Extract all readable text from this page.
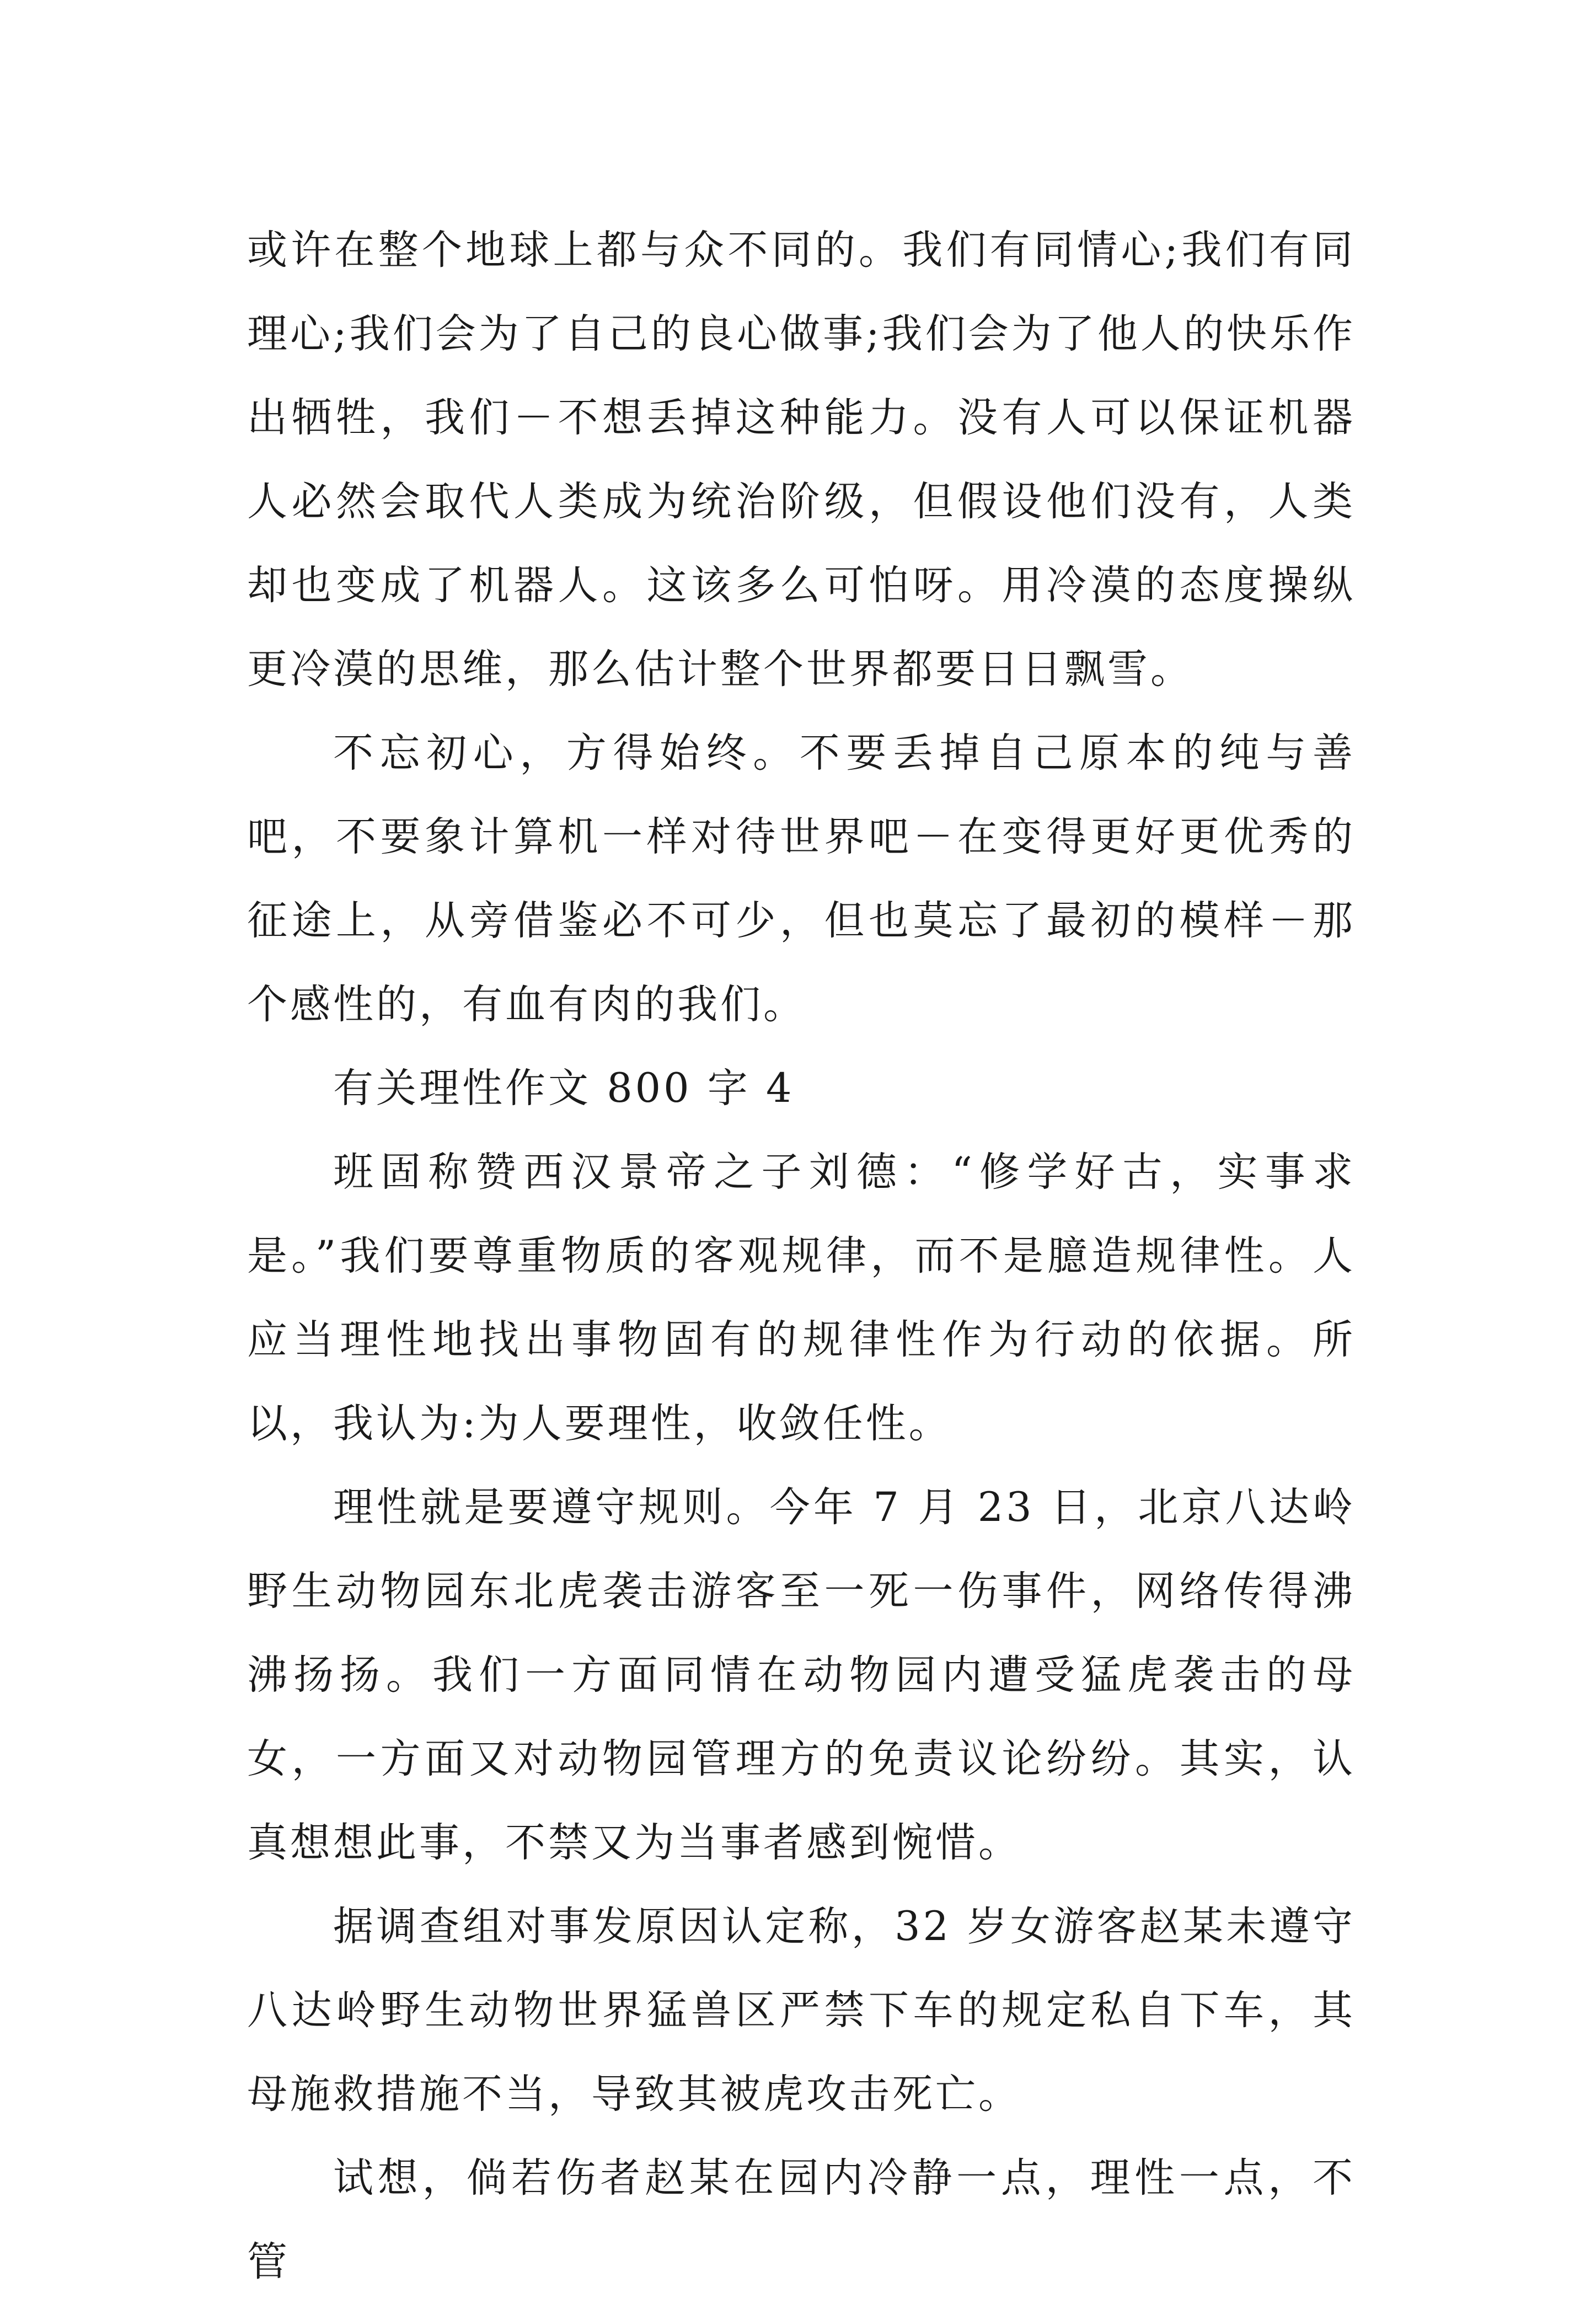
或许在整个地球上都与众不同的。我们有同情心;我们有同理心;我们会为了自己的良心做事;我们会为了他人的快乐作出牺牲，我们－不想丢掉这种能力。没有人可以保证机器人必然会取代人类成为统治阶级，但假设他们没有，人类却也变成了机器人。这该多么可怕呀。用冷漠的态度操纵更冷漠的思维，那么估计整个世界都要日日飘雪。

不忘初心，方得始终。不要丢掉自己原本的纯与善吧，不要象计算机一样对待世界吧－在变得更好更优秀的征途上，从旁借鉴必不可少，但也莫忘了最初的模样－那个感性的，有血有肉的我们。

有关理性作文 800 字 4

班固称赞西汉景帝之子刘德：“修学好古，实事求是。”我们要尊重物质的客观规律，而不是臆造规律性。人应当理性地找出事物固有的规律性作为行动的依据。所以，我认为:为人要理性，收敛任性。

理性就是要遵守规则。今年 7 月 23 日，北京八达岭野生动物园东北虎袭击游客至一死一伤事件，网络传得沸沸扬扬。我们一方面同情在动物园内遭受猛虎袭击的母女，一方面又对动物园管理方的免责议论纷纷。其实，认真想想此事，不禁又为当事者感到惋惜。

据调查组对事发原因认定称，32 岁女游客赵某未遵守八达岭野生动物世界猛兽区严禁下车的规定私自下车，其母施救措施不当，导致其被虎攻击死亡。

试想，倘若伤者赵某在园内冷静一点，理性一点，不管
